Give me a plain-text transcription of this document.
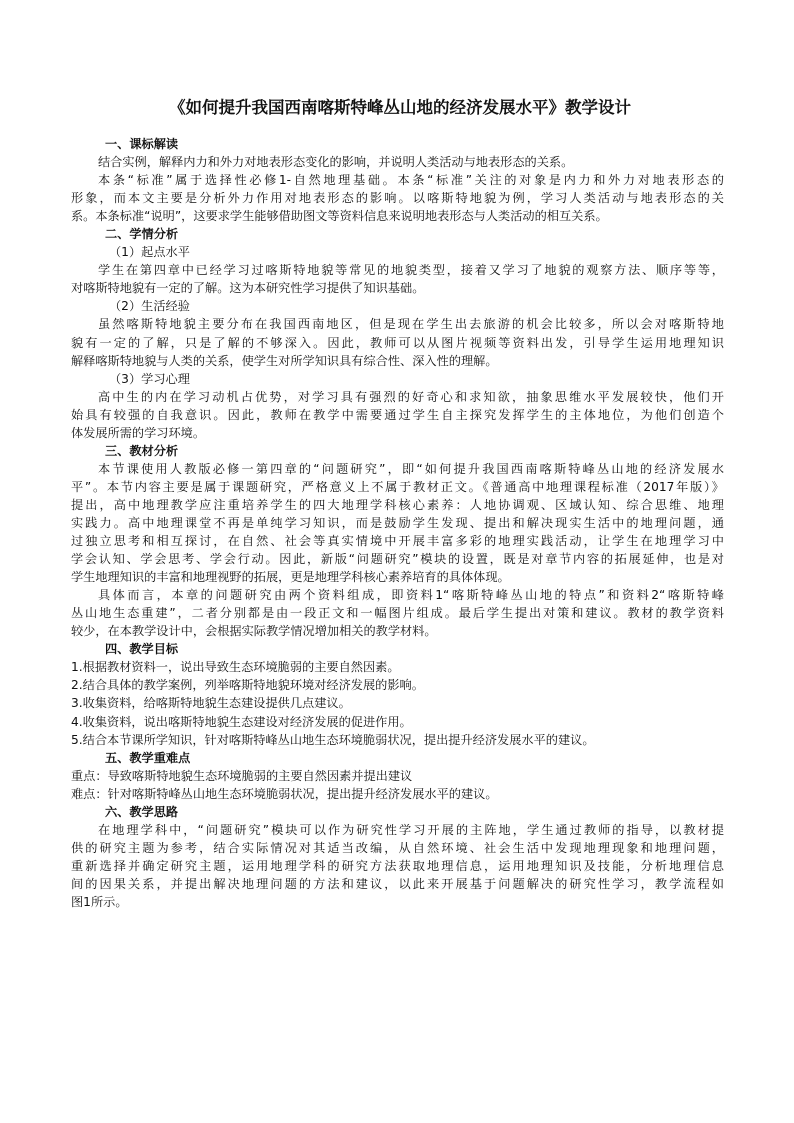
《如何提升我国西南喀斯特峰丛山地的经济发展水平》教学设计
一、课标解读
结合实例，解释内力和外力对地表形态变化的影响，并说明人类活动与地表形态的关系。
本条“标准”属于选择性必修1-自然地理基础。本条“标准”关注的对象是内力和外力对地表形态的
形象，而本文主要是分析外力作用对地表形态的影响。以喀斯特地貌为例，学习人类活动与地表形态的关
系。本条标准“说明”，这要求学生能够借助图文等资料信息来说明地表形态与人类活动的相互关系。
二、学情分析
（1）起点水平
学生在第四章中已经学习过喀斯特地貌等常见的地貌类型，接着又学习了地貌的观察方法、顺序等等，
对喀斯特地貌有一定的了解。这为本研究性学习提供了知识基础。
（2）生活经验
虽然喀斯特地貌主要分布在我国西南地区，但是现在学生出去旅游的机会比较多，所以会对喀斯特地
貌有一定的了解，只是了解的不够深入。因此，教师可以从图片视频等资料出发，引导学生运用地理知识
解释喀斯特地貌与人类的关系，使学生对所学知识具有综合性、深入性的理解。
（3）学习心理
高中生的内在学习动机占优势，对学习具有强烈的好奇心和求知欲，抽象思维水平发展较快，他们开
始具有较强的自我意识。因此，教师在教学中需要通过学生自主探究发挥学生的主体地位，为他们创造个
体发展所需的学习环境。
三、教材分析
本节课使用人教版必修一第四章的“问题研究”，即“如何提升我国西南喀斯特峰丛山地的经济发展水
平”。本节内容主要是属于课题研究，严格意义上不属于教材正文。《普通高中地理课程标准（2017年版）》
提出，高中地理教学应注重培养学生的四大地理学科核心素养：人地协调观、区域认知、综合思维、地理
实践力。高中地理课堂不再是单纯学习知识，而是鼓励学生发现、提出和解决现实生活中的地理问题，通
过独立思考和相互探讨，在自然、社会等真实情境中开展丰富多彩的地理实践活动，让学生在地理学习中
学会认知、学会思考、学会行动。因此，新版“问题研究”模块的设置，既是对章节内容的拓展延伸，也是对
学生地理知识的丰富和地理视野的拓展，更是地理学科核心素养培育的具体体现。
具体而言，本章的问题研究由两个资料组成，即资料1“喀斯特峰丛山地的特点”和资料2“喀斯特峰
丛山地生态重建”，二者分别都是由一段正文和一幅图片组成。最后学生提出对策和建议。教材的教学资料
较少，在本教学设计中，会根据实际教学情况增加相关的教学材料。
四、教学目标
1.根据教材资料一，说出导致生态环境脆弱的主要自然因素。
2.结合具体的教学案例，列举喀斯特地貌环境对经济发展的影响。
3.收集资料，给喀斯特地貌生态建设提供几点建议。
4.收集资料，说出喀斯特地貌生态建设对经济发展的促进作用。
5.结合本节课所学知识，针对喀斯特峰丛山地生态环境脆弱状况，提出提升经济发展水平的建议。
五、教学重难点
重点：导致喀斯特地貌生态环境脆弱的主要自然因素并提出建议
难点：针对喀斯特峰丛山地生态环境脆弱状况，提出提升经济发展水平的建议。
六、教学思路
在地理学科中，“问题研究”模块可以作为研究性学习开展的主阵地，学生通过教师的指导，以教材提
供的研究主题为参考，结合实际情况对其适当改编，从自然环境、社会生活中发现地理现象和地理问题，
重新选择并确定研究主题，运用地理学科的研究方法获取地理信息，运用地理知识及技能，分析地理信息
间的因果关系，并提出解决地理问题的方法和建议，以此来开展基于问题解决的研究性学习，教学流程如
图1所示。
